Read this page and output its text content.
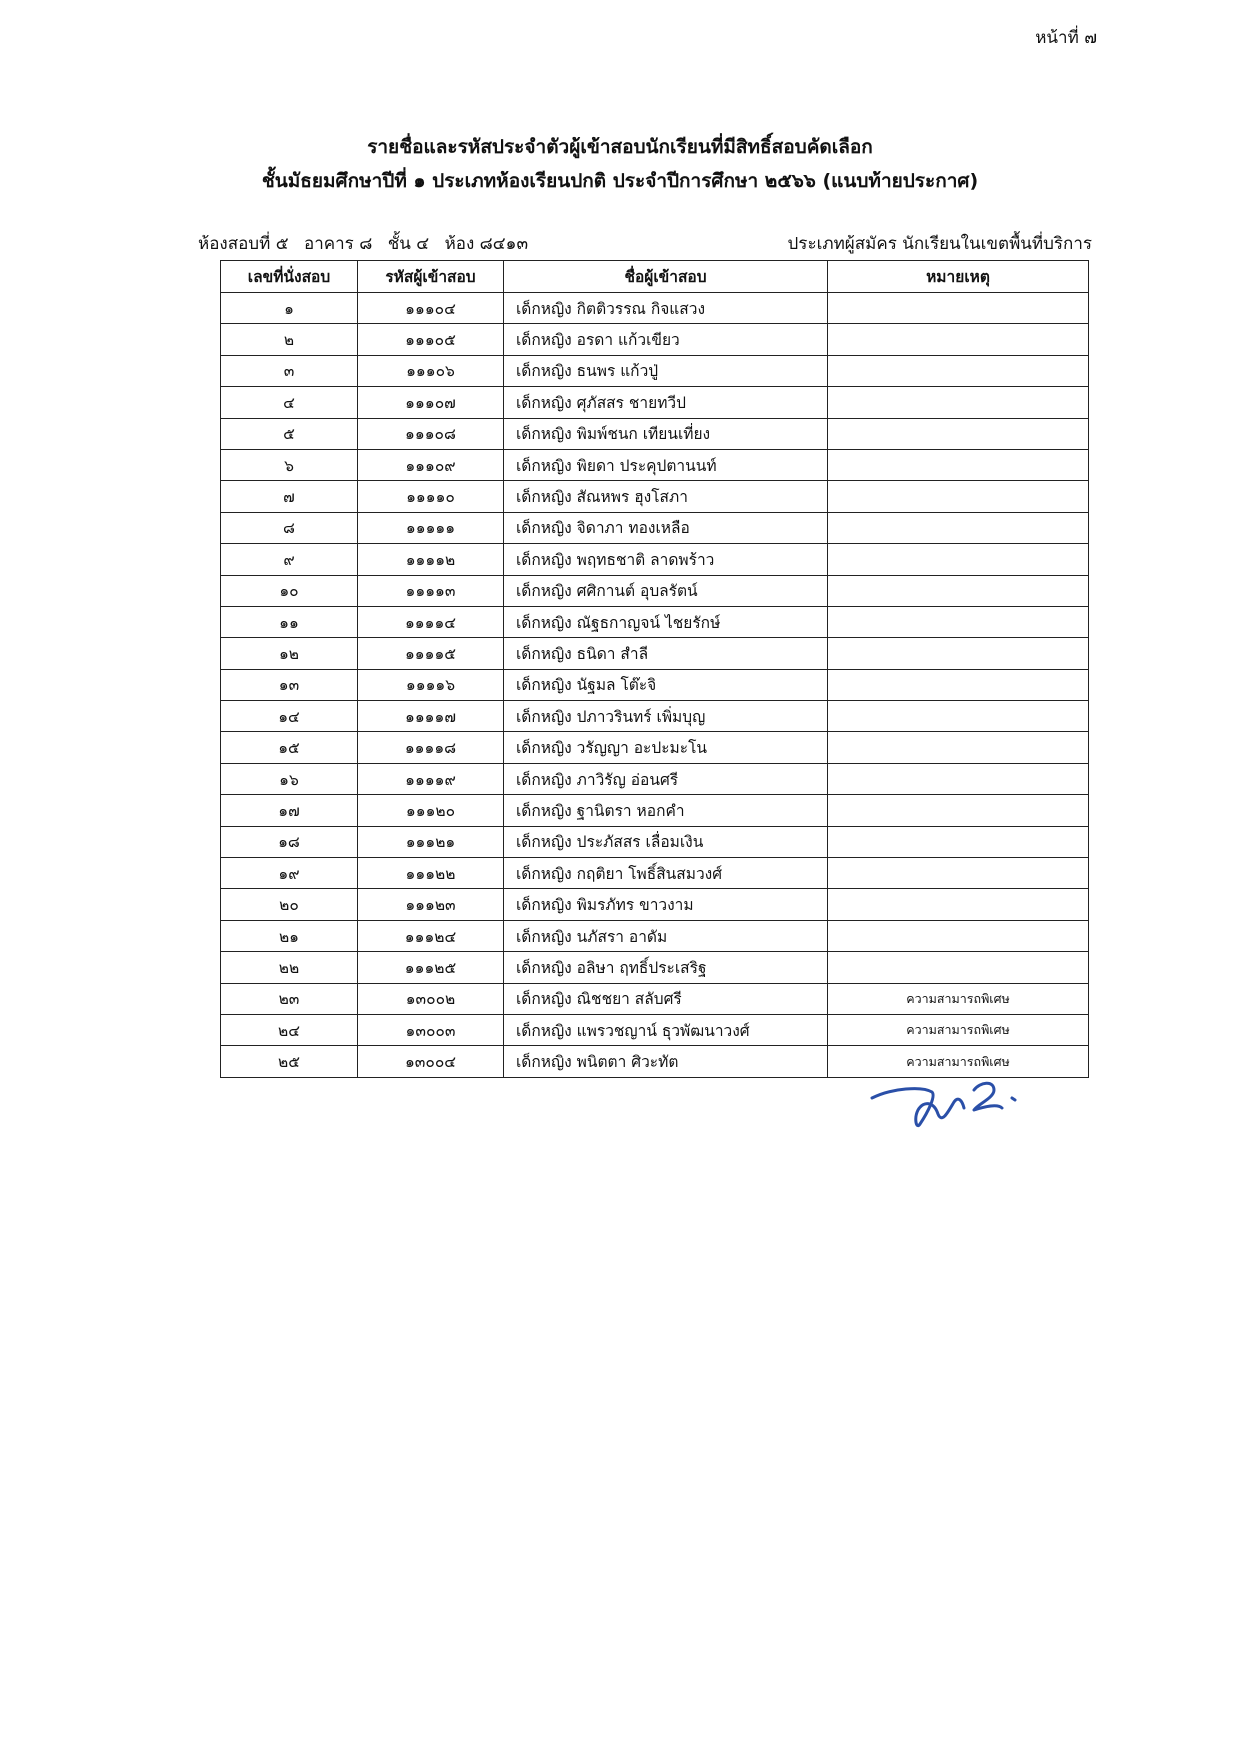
หน้าที่ ๗
รายชื่อและรหัสประจำตัวผู้เข้าสอบนักเรียนที่มีสิทธิ์สอบคัดเลือก
ชั้นมัธยมศึกษาปีที่ ๑ ประเภทห้องเรียนปกติ ประจำปีการศึกษา ๒๕๖๖ (แนบท้ายประกาศ)
ห้องสอบที่ ๕ อาคาร ๘ ชั้น ๔ ห้อง ๘๔๑๓	ประเภทผู้สมัคร นักเรียนในเขตพื้นที่บริการ
เลขที่นั่งสอบ	รหัสผู้เข้าสอบ	ชื่อผู้เข้าสอบ	หมายเหตุ
๑	๑๑๑๐๔	เด็กหญิง กิตติวรรณ กิจแสวง	
๒	๑๑๑๐๕	เด็กหญิง อรดา แก้วเขียว	
๓	๑๑๑๐๖	เด็กหญิง ธนพร แก้วปู่	
๔	๑๑๑๐๗	เด็กหญิง ศุภัสสร ชายทวีป	
๕	๑๑๑๐๘	เด็กหญิง พิมพ์ชนก เทียนเที่ยง	
๖	๑๑๑๐๙	เด็กหญิง พิยดา ประคุปตานนท์	
๗	๑๑๑๑๐	เด็กหญิง สัณหพร ฮุงโสภา	
๘	๑๑๑๑๑	เด็กหญิง จิดาภา ทองเหลือ	
๙	๑๑๑๑๒	เด็กหญิง พฤทธชาติ ลาดพร้าว	
๑๐	๑๑๑๑๓	เด็กหญิง ศศิกานต์ อุบลรัตน์	
๑๑	๑๑๑๑๔	เด็กหญิง ณัฐธกาญจน์ ไชยรักษ์	
๑๒	๑๑๑๑๕	เด็กหญิง ธนิดา สำลี	
๑๓	๑๑๑๑๖	เด็กหญิง นัฐมล โต๊ะจิ	
๑๔	๑๑๑๑๗	เด็กหญิง ปภาวรินทร์ เพิ่มบุญ	
๑๕	๑๑๑๑๘	เด็กหญิง วรัญญา อะปะมะโน	
๑๖	๑๑๑๑๙	เด็กหญิง ภาวิรัญ อ่อนศรี	
๑๗	๑๑๑๒๐	เด็กหญิง ฐานิตรา หอกคำ	
๑๘	๑๑๑๒๑	เด็กหญิง ประภัสสร เลื่อมเงิน	
๑๙	๑๑๑๒๒	เด็กหญิง กฤติยา โพธิ์สินสมวงศ์	
๒๐	๑๑๑๒๓	เด็กหญิง พิมรภัทร ขาวงาม	
๒๑	๑๑๑๒๔	เด็กหญิง นภัสรา อาดัม	
๒๒	๑๑๑๒๕	เด็กหญิง อลิษา ฤทธิ์ประเสริฐ	
๒๓	๑๓๐๐๒	เด็กหญิง ณิชชยา สลับศรี	ความสามารถพิเศษ
๒๔	๑๓๐๐๓	เด็กหญิง แพรวชญาน์ ธุวพัฒนาวงศ์	ความสามารถพิเศษ
๒๕	๑๓๐๐๔	เด็กหญิง พนิตตา ศิวะทัต	ความสามารถพิเศษ
